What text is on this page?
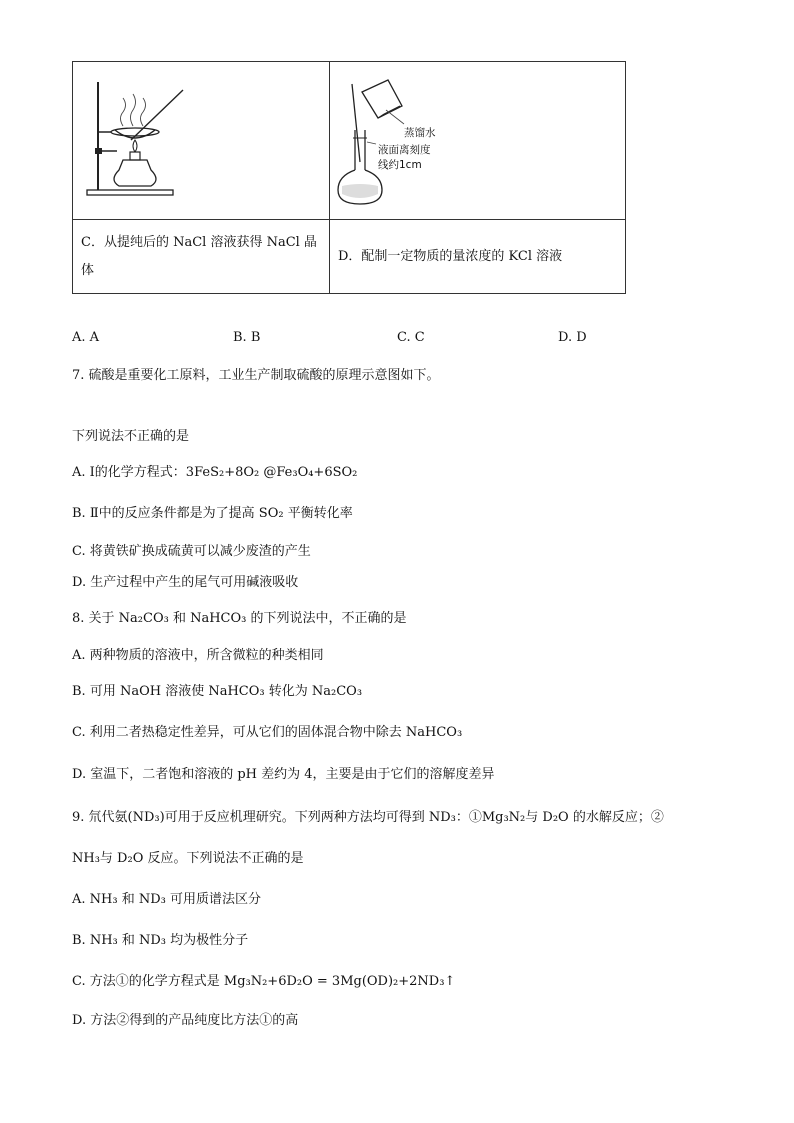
蒸馏水
液面离刻度
线约1cm

C．从提纯后的 NaCl 溶液获得 NaCl 晶体	D．配制一定物质的量浓度的 KCl 溶液
A. A	B. B	C. C	D. D
7. 硫酸是重要化工原料，工业生产制取硫酸的原理示意图如下。
下列说法不正确的是
A. Ⅰ的化学方程式：3FeS₂+8O₂ @Fe₃O₄+6SO₂
B. Ⅱ中的反应条件都是为了提高 SO₂ 平衡转化率
C. 将黄铁矿换成硫黄可以减少废渣的产生
D. 生产过程中产生的尾气可用碱液吸收
8. 关于 Na₂CO₃ 和 NaHCO₃ 的下列说法中，不正确的是
A. 两种物质的溶液中，所含微粒的种类相同
B. 可用 NaOH 溶液使 NaHCO₃ 转化为 Na₂CO₃
C. 利用二者热稳定性差异，可从它们的固体混合物中除去 NaHCO₃
D. 室温下，二者饱和溶液的 pH 差约为 4，主要是由于它们的溶解度差异
9. 氘代氨(ND₃)可用于反应机理研究。下列两种方法均可得到 ND₃：①Mg₃N₂与 D₂O 的水解反应；②
NH₃与 D₂O 反应。下列说法不正确的是
A. NH₃ 和 ND₃ 可用质谱法区分
B. NH₃ 和 ND₃ 均为极性分子
C. 方法①的化学方程式是 Mg₃N₂+6D₂O = 3Mg(OD)₂+2ND₃↑
D. 方法②得到的产品纯度比方法①的高
